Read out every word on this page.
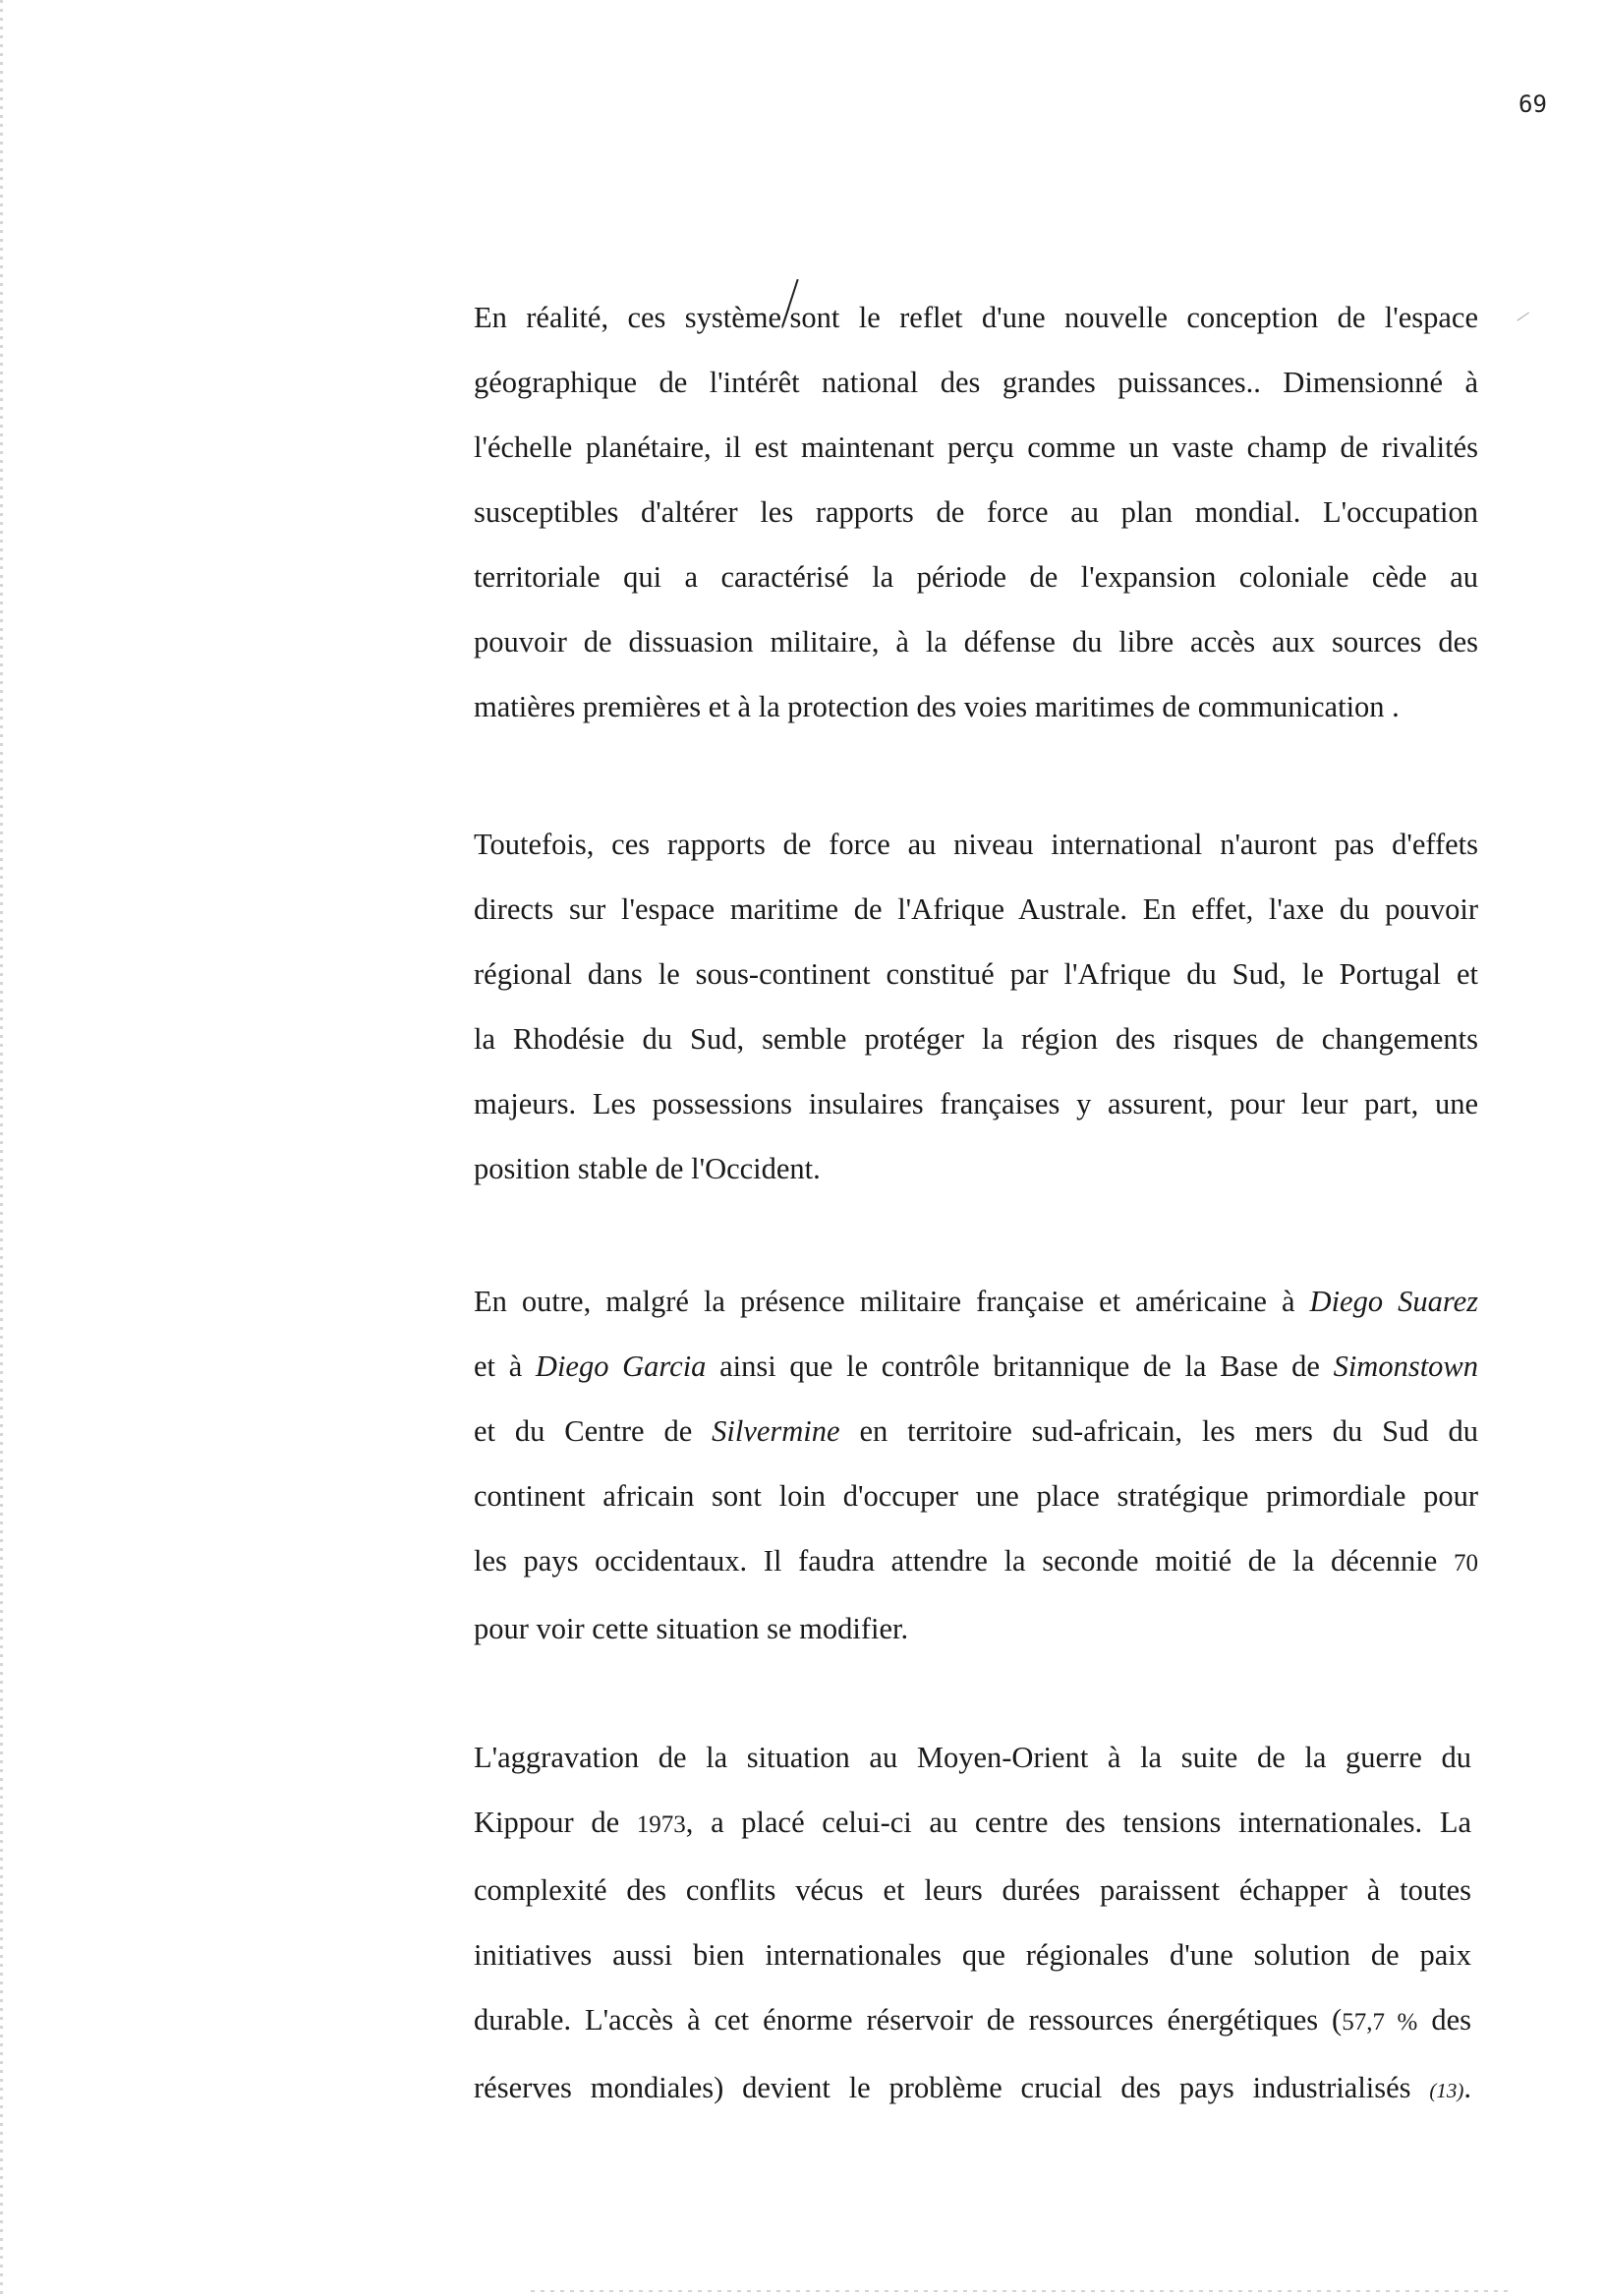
⁄
69
En réalité, ces système/sont le reflet d'une nouvelle conception de l'espace
géographique de l'intérêt national des grandes puissances.. Dimensionné à
l'échelle planétaire, il est maintenant perçu comme un vaste champ de rivalités
susceptibles d'altérer les rapports de force au plan mondial. L'occupation
territoriale qui a caractérisé la période de l'expansion coloniale cède au
pouvoir de dissuasion militaire, à la défense du libre accès aux sources des
matières premières et à la protection des voies maritimes de communication .
Toutefois, ces rapports de force au niveau international n'auront pas d'effets
directs sur l'espace maritime de l'Afrique Australe. En effet, l'axe du pouvoir
régional dans le sous-continent constitué par l'Afrique du Sud, le Portugal et
la Rhodésie du Sud, semble protéger la région des risques de changements
majeurs. Les possessions insulaires françaises y assurent, pour leur part, une
position stable de l'Occident.
En outre, malgré la présence militaire française et américaine à Diego Suarez
et à Diego Garcia ainsi que le contrôle britannique de la Base de Simonstown
et du Centre de Silvermine en territoire sud-africain, les mers du Sud du
continent africain sont loin d'occuper une place stratégique primordiale pour
les pays occidentaux. Il faudra attendre la seconde moitié de la décennie 70
pour voir cette situation se modifier.
L'aggravation de la situation au Moyen-Orient à la suite de la guerre du
Kippour de 1973, a placé celui-ci au centre des tensions internationales. La
complexité des conflits vécus et leurs durées paraissent échapper à toutes
initiatives aussi bien internationales que régionales d'une solution de paix
durable. L'accès à cet énorme réservoir de ressources énergétiques (57,7 % des
réserves mondiales) devient le problème crucial des pays industrialisés (13).
